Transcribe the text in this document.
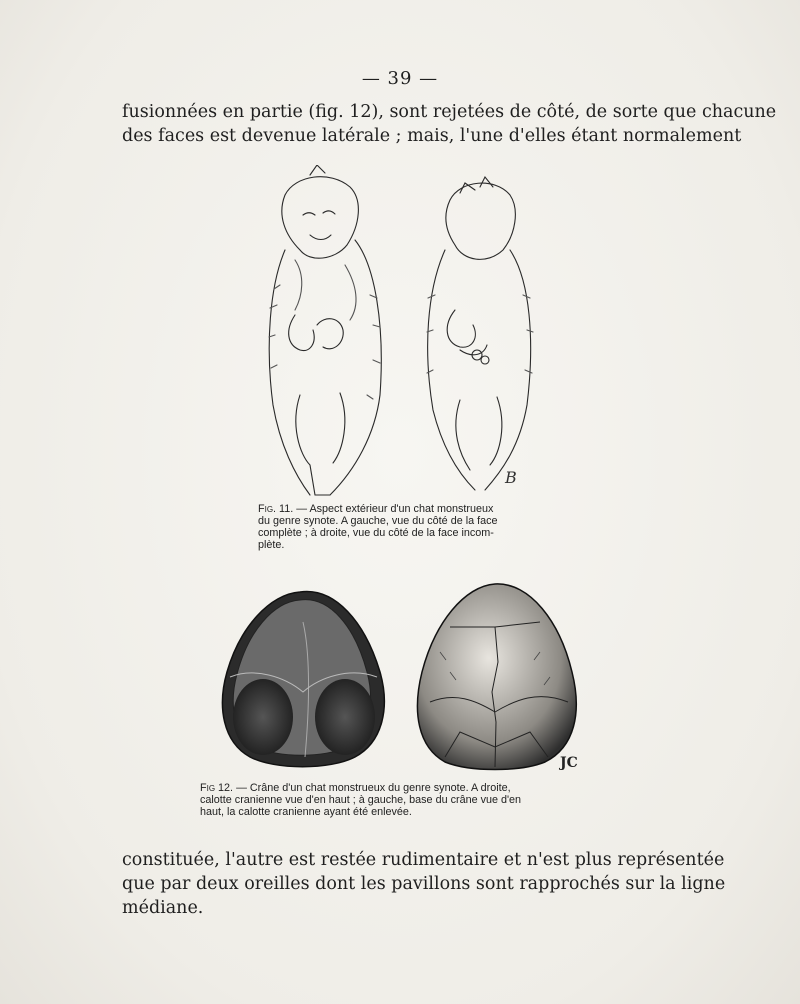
— 39 —
fusionnées en partie (fig. 12), sont rejetées de côté, de sorte que chacune
des faces est devenue latérale ; mais, l'une d'elles étant normalement
B
Fig. 11. — Aspect extérieur d'un chat monstrueux
du genre synote. A gauche, vue du côté de la face
complète ; à droite, vue du côté de la face incom-
plète.
JC
Fig 12. — Crâne d'un chat monstrueux du genre synote. A droite,
calotte cranienne vue d'en haut ; à gauche, base du crâne vue d'en
haut, la calotte cranienne ayant été enlevée.
constituée, l'autre est restée rudimentaire et n'est plus représentée
que par deux oreilles dont les pavillons sont rapprochés sur la ligne
médiane.
